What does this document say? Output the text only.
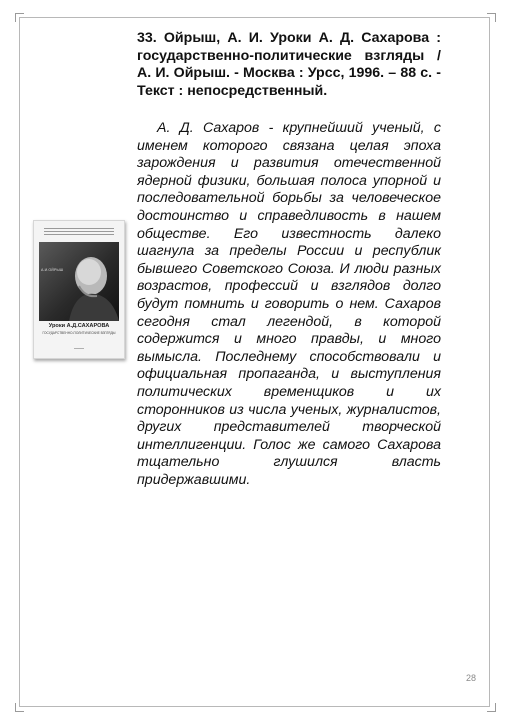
А.И.ОЙРЫШ
Уроки А.Д.САХАРОВА
ГОСУДАРСТВЕННО-ПОЛИТИЧЕСКИЕ ВЗГЛЯДЫ

33. Ойрыш, А. И. Уроки А. Д. Сахарова : государственно-политические взгляды / А. И. Ойрыш. - Москва : Урсс, 1996. – 88 с. - Текст : непосредственный.

А. Д. Сахаров - крупнейший ученый, с именем которого связана целая эпоха зарождения и развития отечественной ядерной физики, большая полоса упорной и последовательной борьбы за человеческое достоинство и справедливость в нашем обществе. Его известность далеко шагнула за пределы России и республик бывшего Советского Союза. И люди разных возрастов, профессий и взглядов долго будут помнить и говорить о нем. Сахаров сегодня стал легендой, в которой содержится и много правды, и много вымысла. Последнему способствовали и официальная пропаганда, и выступления политических временщиков и их сторонников из числа ученых, журналистов, других представителей творческой интеллигенции. Голос же самого Сахарова тщательно глушился власть придержавшими.

28
